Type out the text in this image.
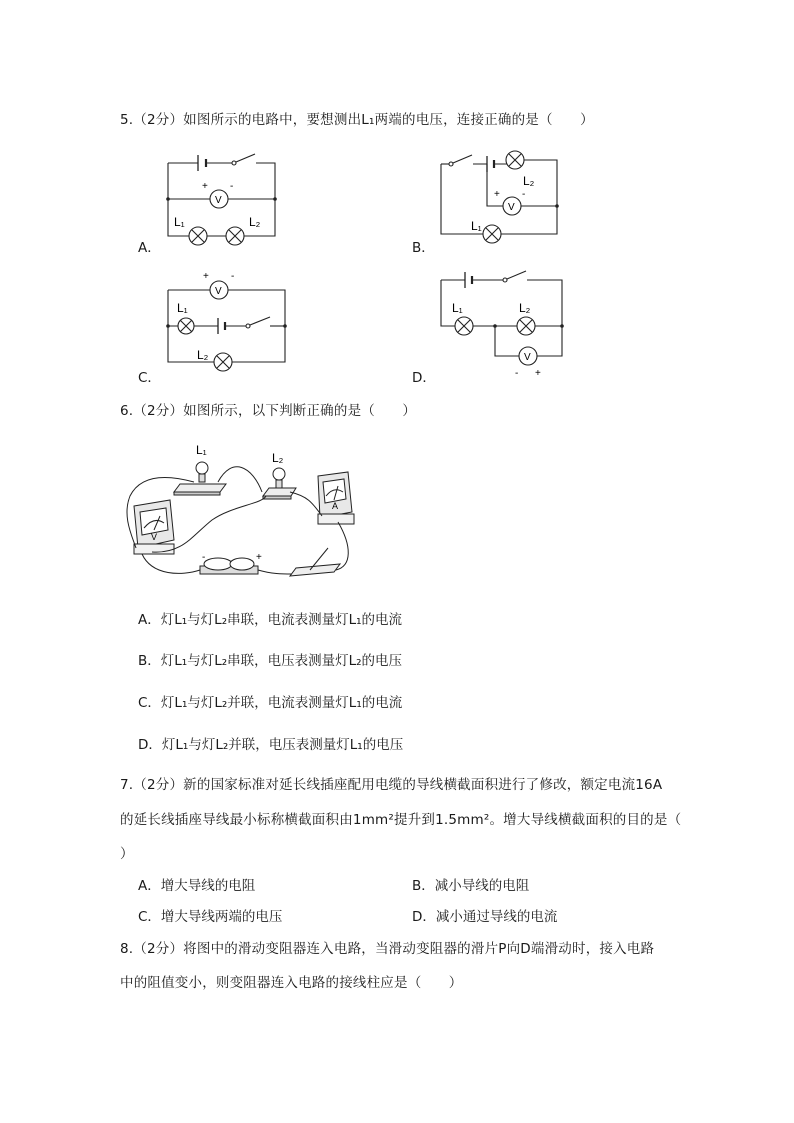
5.（2分）如图所示的电路中，要想测出L₁两端的电压，连接正确的是（　　）
V
+ -
L₁	L₂
A．
V
+ -
L₂
L₁
B．
V
+ -
L₁
L₂
C．
V
- +
L₁	L₂
D．
6.（2分）如图所示，以下判断正确的是（　　）
L₁
L₂
V
A
-	+
A．灯L₁与灯L₂串联，电流表测量灯L₁的电流
B．灯L₁与灯L₂串联，电压表测量灯L₂的电压
C．灯L₁与灯L₂并联，电流表测量灯L₁的电流
D．灯L₁与灯L₂并联，电压表测量灯L₁的电压
7.（2分）新的国家标准对延长线插座配用电缆的导线横截面积进行了修改，额定电流16A
的延长线插座导线最小标称横截面积由1mm²提升到1.5mm²。增大导线横截面积的目的是（
）
A．增大导线的电阻	B．减小导线的电阻
C．增大导线两端的电压	D．减小通过导线的电流
8.（2分）将图中的滑动变阻器连入电路，当滑动变阻器的滑片P向D端滑动时，接入电路
中的阻值变小，则变阻器连入电路的接线柱应是（　　）
